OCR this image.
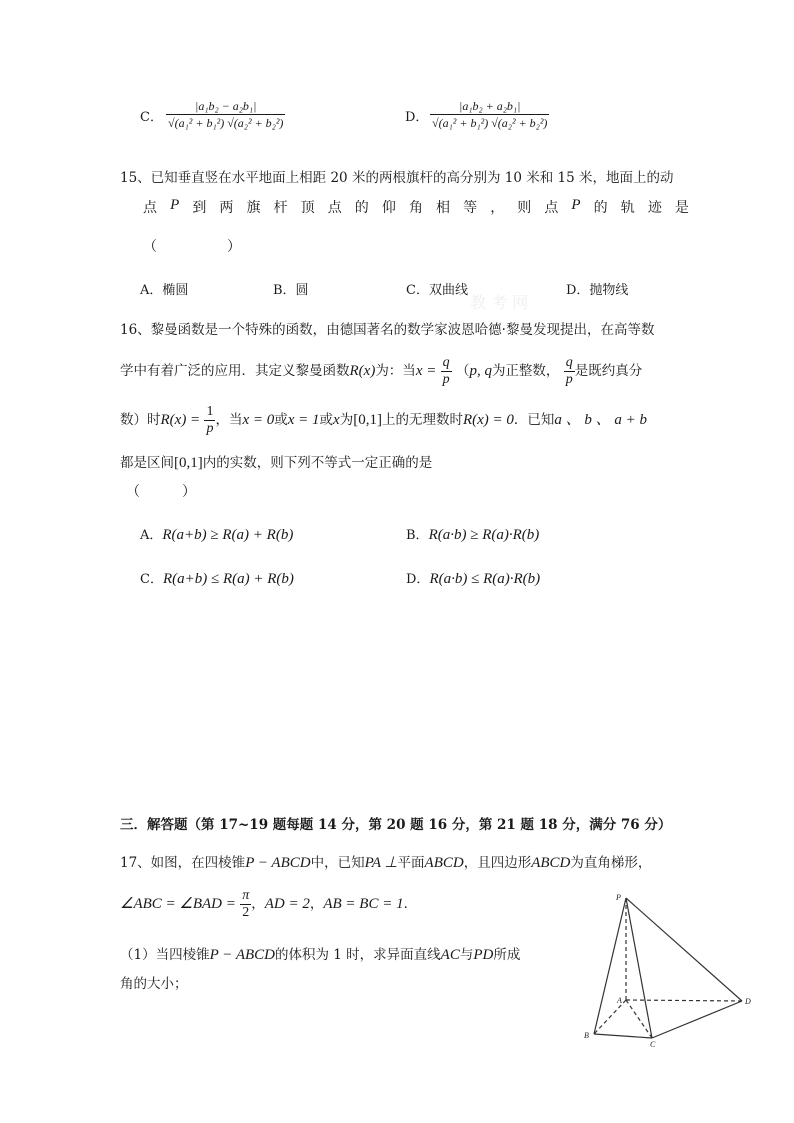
C． $\frac{\text{|a₁b₂ − a₂b₁|}}{\text{√(a₁² + b₁²) √(a₂² + b₂²)}}$	D． $\frac{\text{|a₁b₂ + a₂b₁|}}{\text{√(a₁² + b₁²) √(a₂² + b₂²)}}$
15、已知垂直竖在水平地面上相距 20 米的两根旗杆的高分别为 10 米和 15 米，地面上的动
点 P 到 两 旗 杆 顶 点 的 仰 角 相 等 ， 则 点 P 的 轨 迹 是
（　　　　　）
A．椭圆	B．圆	C．双曲线	D．抛物线
教 考 网
16、黎曼函数是一个特殊的函数，由德国著名的数学家波恩哈德·黎曼发现提出，在高等数
学中有着广泛的应用．其定义黎曼函数R(x)为：当$x = \frac{q}{p} (p$, q为正整数， $\frac{q}{p}$ 是既约真分
数）时$R(x) = \frac{1}{p}$ ，当x = 0或x = 1或x为[0,1]上的无理数时R(x) = 0．已知a 、 b 、 a + b
都是区间[0,1]内的实数，则下列不等式一定正确的是
（　　　）
A．R(a+b) ≥ R(a) + R(b)	B．R(a·b) ≥ R(a)·R(b)
C．R(a+b) ≤ R(a) + R(b)	D．R(a·b) ≤ R(a)·R(b)
三．解答题（第 17~19 题每题 14 分，第 20 题 16 分，第 21 题 18 分，满分 76 分）
17、如图，在四棱锥P − ABCD中，已知PA ⊥平面ABCD，且四边形ABCD为直角梯形，
∠ABC = ∠BAD = $\frac{\pi}{2}$ ，AD = 2，AB = BC = 1．
（1）当四棱锥P − ABCD的体积为 1 时，求异面直线AC与PD所成
角的大小；
P
A
B
C
D
